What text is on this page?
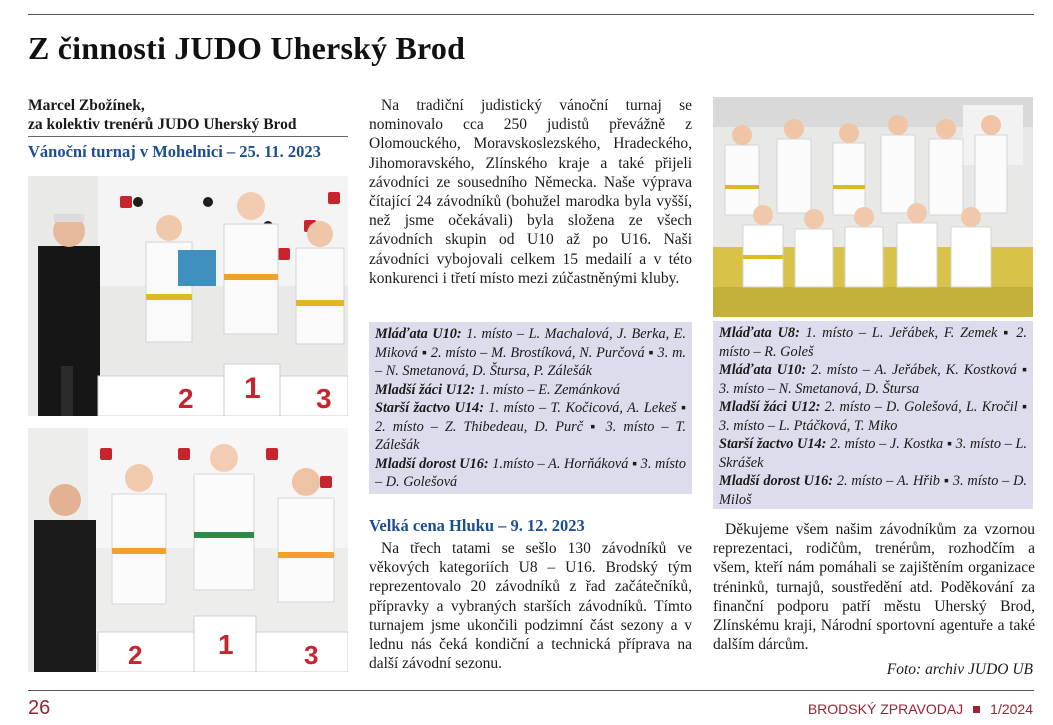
Z činnosti JUDO Uherský Brod
Marcel Zbožínek,
za kolektiv trenérů JUDO Uherský Brod
Vánoční turnaj v Mohelnici – 25. 11. 2023
2 1 3
2	1	3

Na tradiční judistický vánoční turnaj se nominovalo cca 250 judistů převážně z Olomouckého, Moravskoslezského, Hradeckého, Jihomoravského, Zlínského kraje a také přijeli závodníci ze sousedního Německa. Naše výprava čítající 24 závodníků (bohužel marodka byla vyšší, než jsme očekávali) byla složena ze všech závodních skupin od U10 až po U16. Naši závodníci vybojovali celkem 15 medailí a v této konkurenci i třetí místo mezi zúčastněnými kluby.

Mláďata U10: 1. místo – L. Machalová, J. Berka, E. Miková ▪ 2. místo – M. Brostíková, N. Purčová ▪ 3. m. – N. Smetanová, D. Štursa, P. Zálešák

Mladší žáci U12: 1. místo – E. Zemánková

Starší žactvo U14: 1. místo – T. Kočicová, A. Lekeš ▪ 2. místo – Z. Thibedeau, D. Purč ▪ 3. místo – T. Zálešák

Mladší dorost U16: 1.místo – A. Horňáková ▪ 3. místo – D. Golešová

Velká cena Hluku – 9. 12. 2023

Na třech tatami se sešlo 130 závodníků ve věkových kategoriích U8 – U16. Brodský tým reprezentovalo 20 závodníků z řad začátečníků, přípravky a vybraných starších závodníků. Tímto turnajem jsme ukončili podzimní část sezony a v lednu nás čeká kondiční a technická příprava na další závodní sezonu.

Mláďata U8: 1. místo – L. Jeřábek, F. Zemek ▪ 2. místo – R. Goleš

Mláďata U10: 2. místo – A. Jeřábek, K. Kostková ▪ 3. místo – N. Smetanová, D. Štursa

Mladší žáci U12: 2. místo – D. Golešová, L. Kročil ▪ 3. místo – L. Ptáčková, T. Miko

Starší žactvo U14: 2. místo – J. Kostka ▪ 3. místo – L. Skrášek

Mladší dorost U16: 2. místo – A. Hřib ▪ 3. místo – D. Miloš

Děkujeme všem našim závodníkům za vzornou reprezentaci, rodičům, trenérům, rozhodčím a všem, kteří nám pomáhali se zajištěním organizace tréninků, turnajů, soustředění atd. Poděkování za finanční podporu patří městu Uherský Brod, Zlínskému kraji, Národní sportovní agentuře a také dalším dárcům.

Foto: archiv JUDO UB
26	BRODSKÝ ZPRAVODAJ 1/2024
